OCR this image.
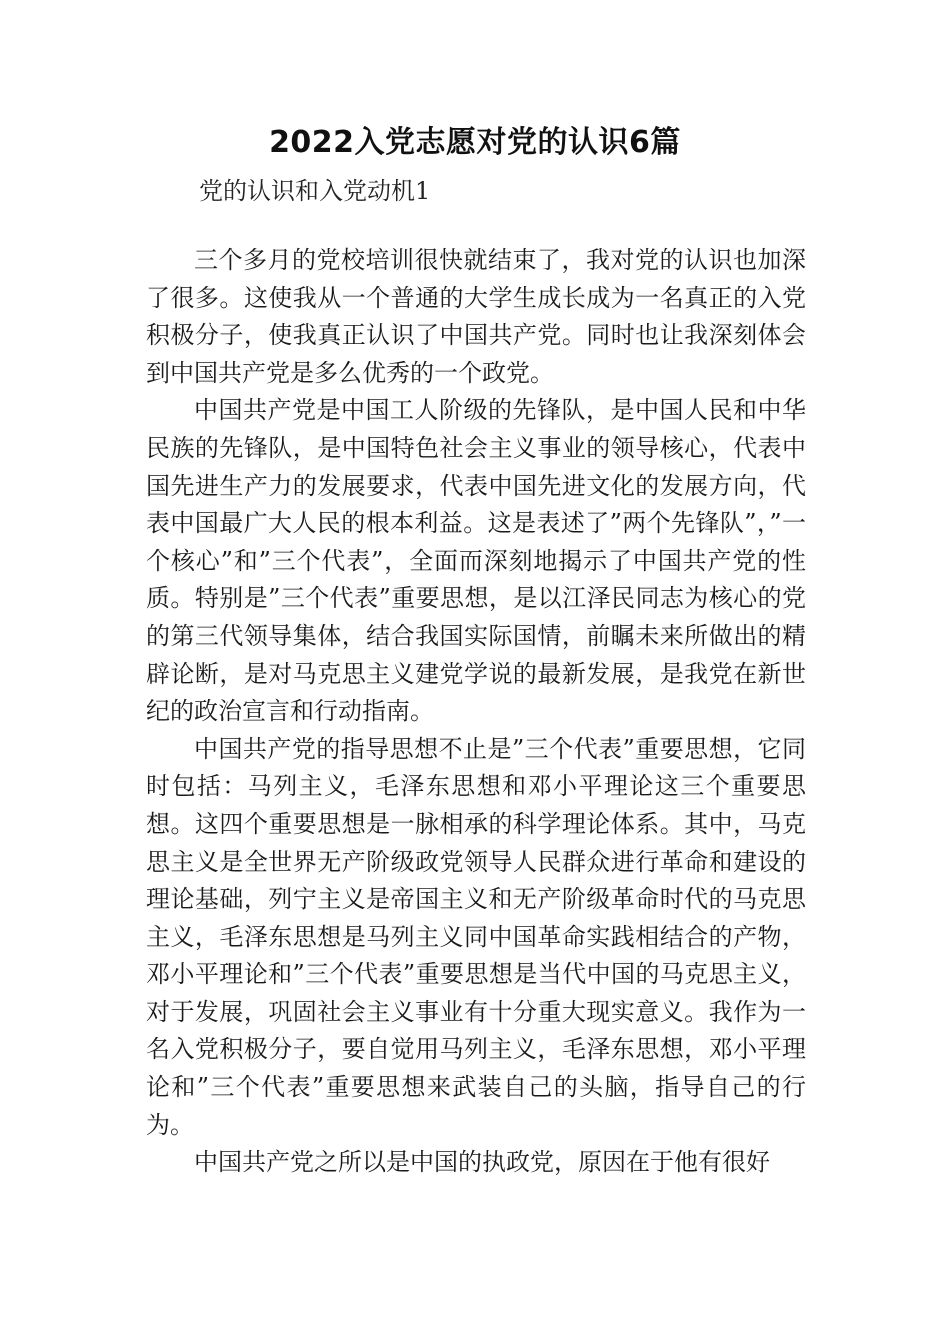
2022入党志愿对党的认识6篇
党的认识和入党动机1

三个多月的党校培训很快就结束了，我对党的认识也加深了很多。这使我从一个普通的大学生成长成为一名真正的入党积极分子，使我真正认识了中国共产党。同时也让我深刻体会到中国共产党是多么优秀的一个政党。

中国共产党是中国工人阶级的先锋队，是中国人民和中华民族的先锋队，是中国特色社会主义事业的领导核心，代表中国先进生产力的发展要求，代表中国先进文化的发展方向，代表中国最广大人民的根本利益。这是表述了”两个先锋队”，”一个核心”和”三个代表”，全面而深刻地揭示了中国共产党的性质。特别是”三个代表”重要思想，是以江泽民同志为核心的党的第三代领导集体，结合我国实际国情，前瞩未来所做出的精辟论断，是对马克思主义建党学说的最新发展，是我党在新世纪的政治宣言和行动指南。

中国共产党的指导思想不止是”三个代表”重要思想，它同时包括：马列主义，毛泽东思想和邓小平理论这三个重要思想。这四个重要思想是一脉相承的科学理论体系。其中，马克思主义是全世界无产阶级政党领导人民群众进行革命和建设的理论基础，列宁主义是帝国主义和无产阶级革命时代的马克思主义，毛泽东思想是马列主义同中国革命实践相结合的产物，邓小平理论和”三个代表”重要思想是当代中国的马克思主义，对于发展，巩固社会主义事业有十分重大现实意义。我作为一名入党积极分子，要自觉用马列主义，毛泽东思想，邓小平理论和”三个代表”重要思想来武装自己的头脑，指导自己的行为。

中国共产党之所以是中国的执政党，原因在于他有很好
